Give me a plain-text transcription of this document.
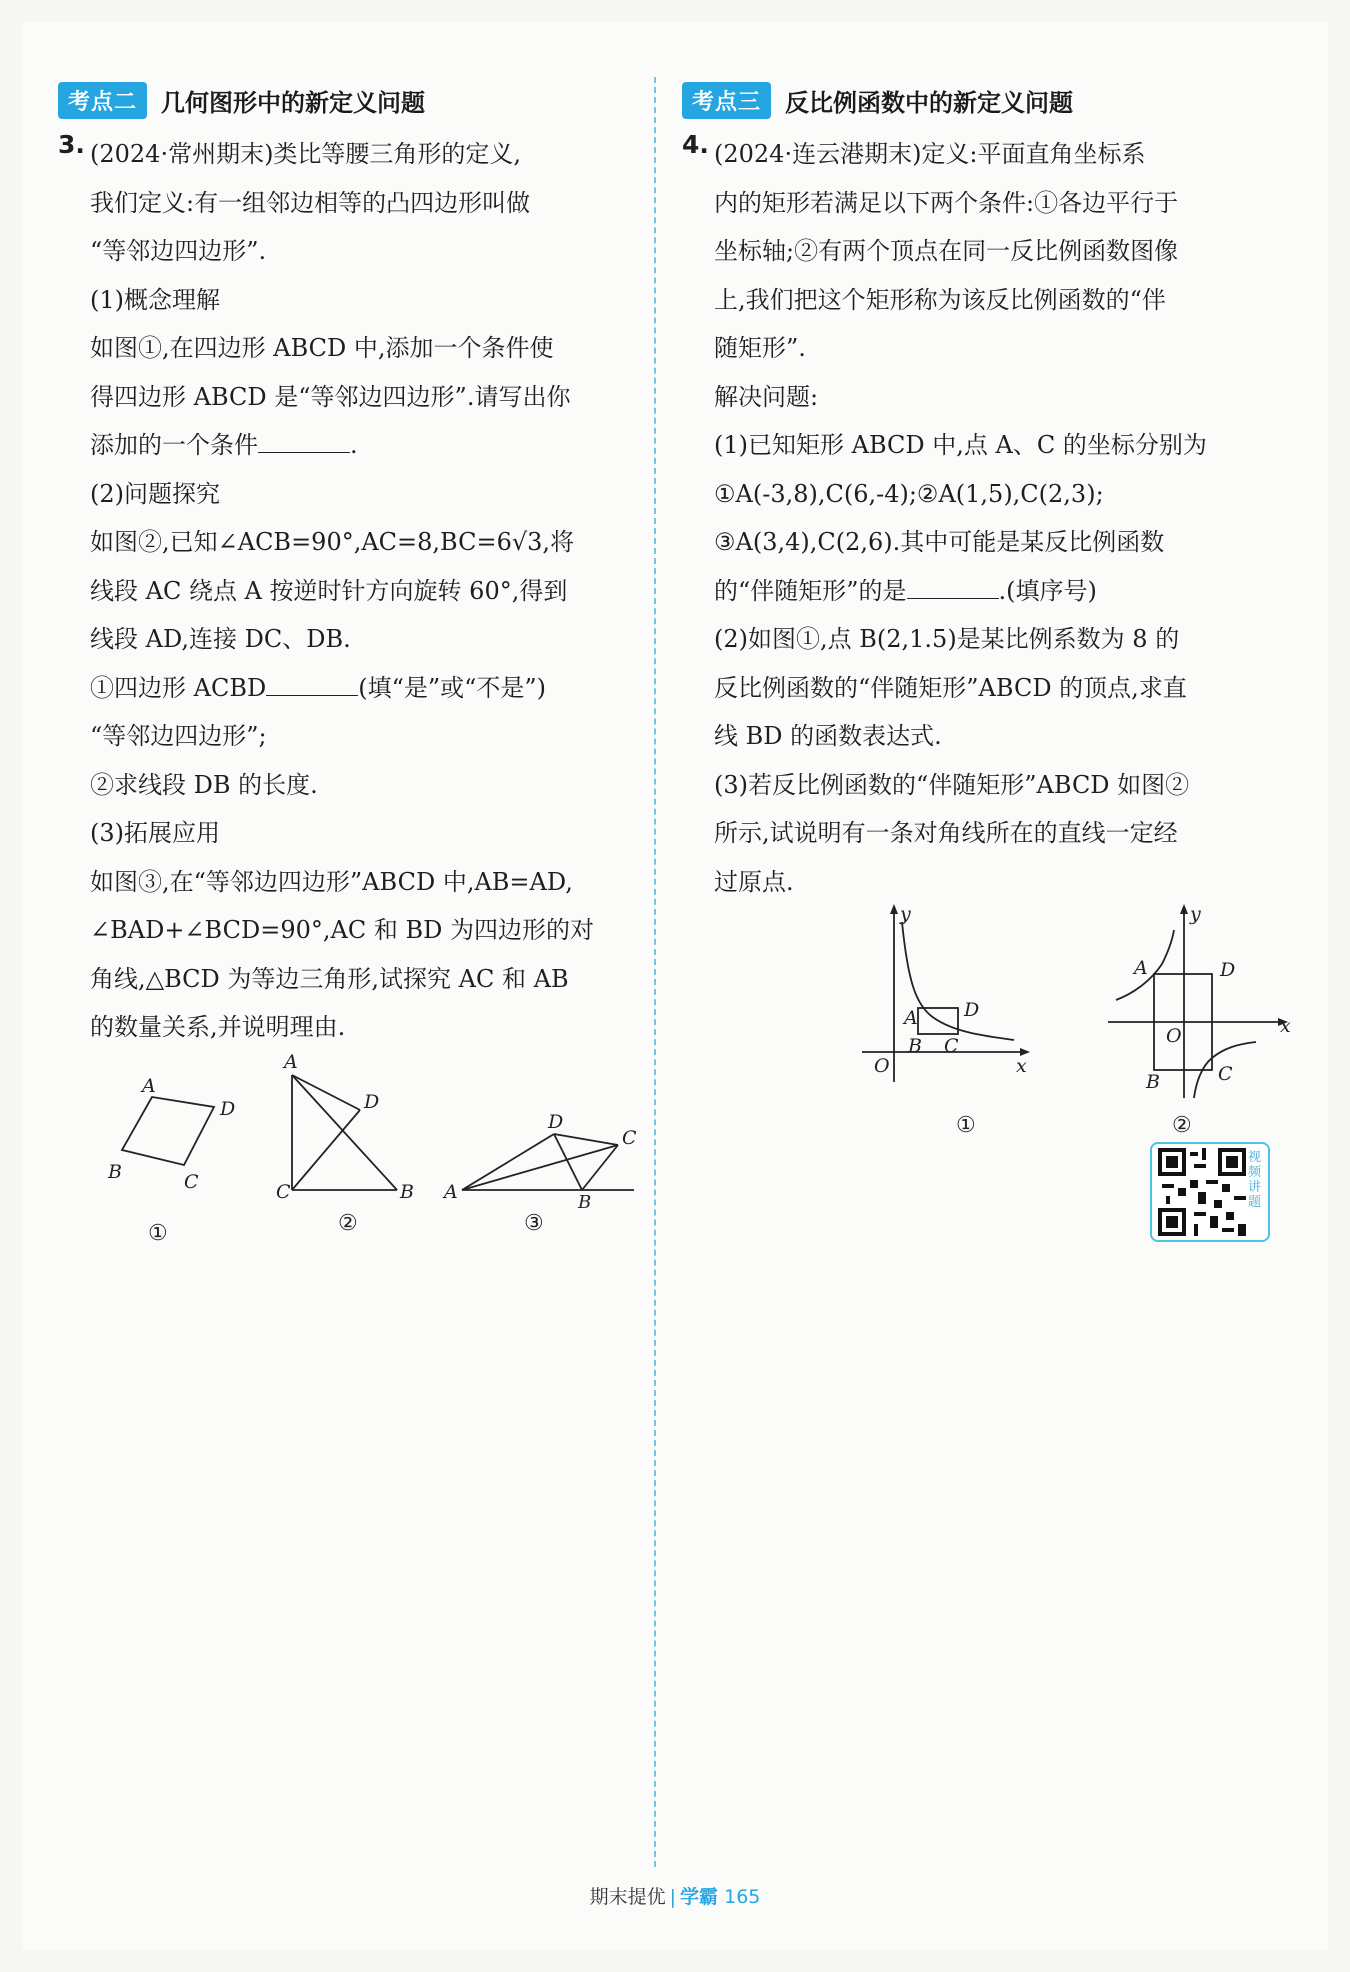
考点二	几何图形中的新定义问题
3. (2024·常州期末)类比等腰三角形的定义,
我们定义:有一组邻边相等的凸四边形叫做
“等邻边四边形”.
(1)概念理解
如图①,在四边形 ABCD 中,添加一个条件使
得四边形 ABCD 是“等邻边四边形”.请写出你
添加的一个条件	.
(2)问题探究
如图②,已知∠ACB=90°,AC=8,BC=6√3,将
线段 AC 绕点 A 按逆时针方向旋转 60°,得到
线段 AD,连接 DC、DB.
①四边形 ACBD	(填“是”或“不是”)
“等邻边四边形”;
②求线段 DB 的长度.
(3)拓展应用
如图③,在“等邻边四边形”ABCD 中,AB=AD,
∠BAD+∠BCD=90°,AC 和 BD 为四边形的对
角线,△BCD 为等边三角形,试探究 AC 和 AB
的数量关系,并说明理由.
A
D
B	C
①
A
D
C	B
②
A
D
C
B
③
考点三	反比例函数中的新定义问题
4. (2024·连云港期末)定义:平面直角坐标系
内的矩形若满足以下两个条件:①各边平行于
坐标轴;②有两个顶点在同一反比例函数图像
上,我们把这个矩形称为该反比例函数的“伴
随矩形”.
解决问题:
(1)已知矩形 ABCD 中,点 A、C 的坐标分别为
①A(-3,8),C(6,-4);②A(1,5),C(2,3);
③A(3,4),C(2,6).其中可能是某反比例函数
的“伴随矩形”的是	.(填序号)
(2)如图①,点 B(2,1.5)是某比例系数为 8 的
反比例函数的“伴随矩形”ABCD 的顶点,求直
线 BD 的函数表达式.
(3)若反比例函数的“伴随矩形”ABCD 如图②
所示,试说明有一条对角线所在的直线一定经
过原点.
y
O	x
A D
B C
①
y
A	D
O	x
B	C
②
视频讲题
期末提优 | 学霸 165
